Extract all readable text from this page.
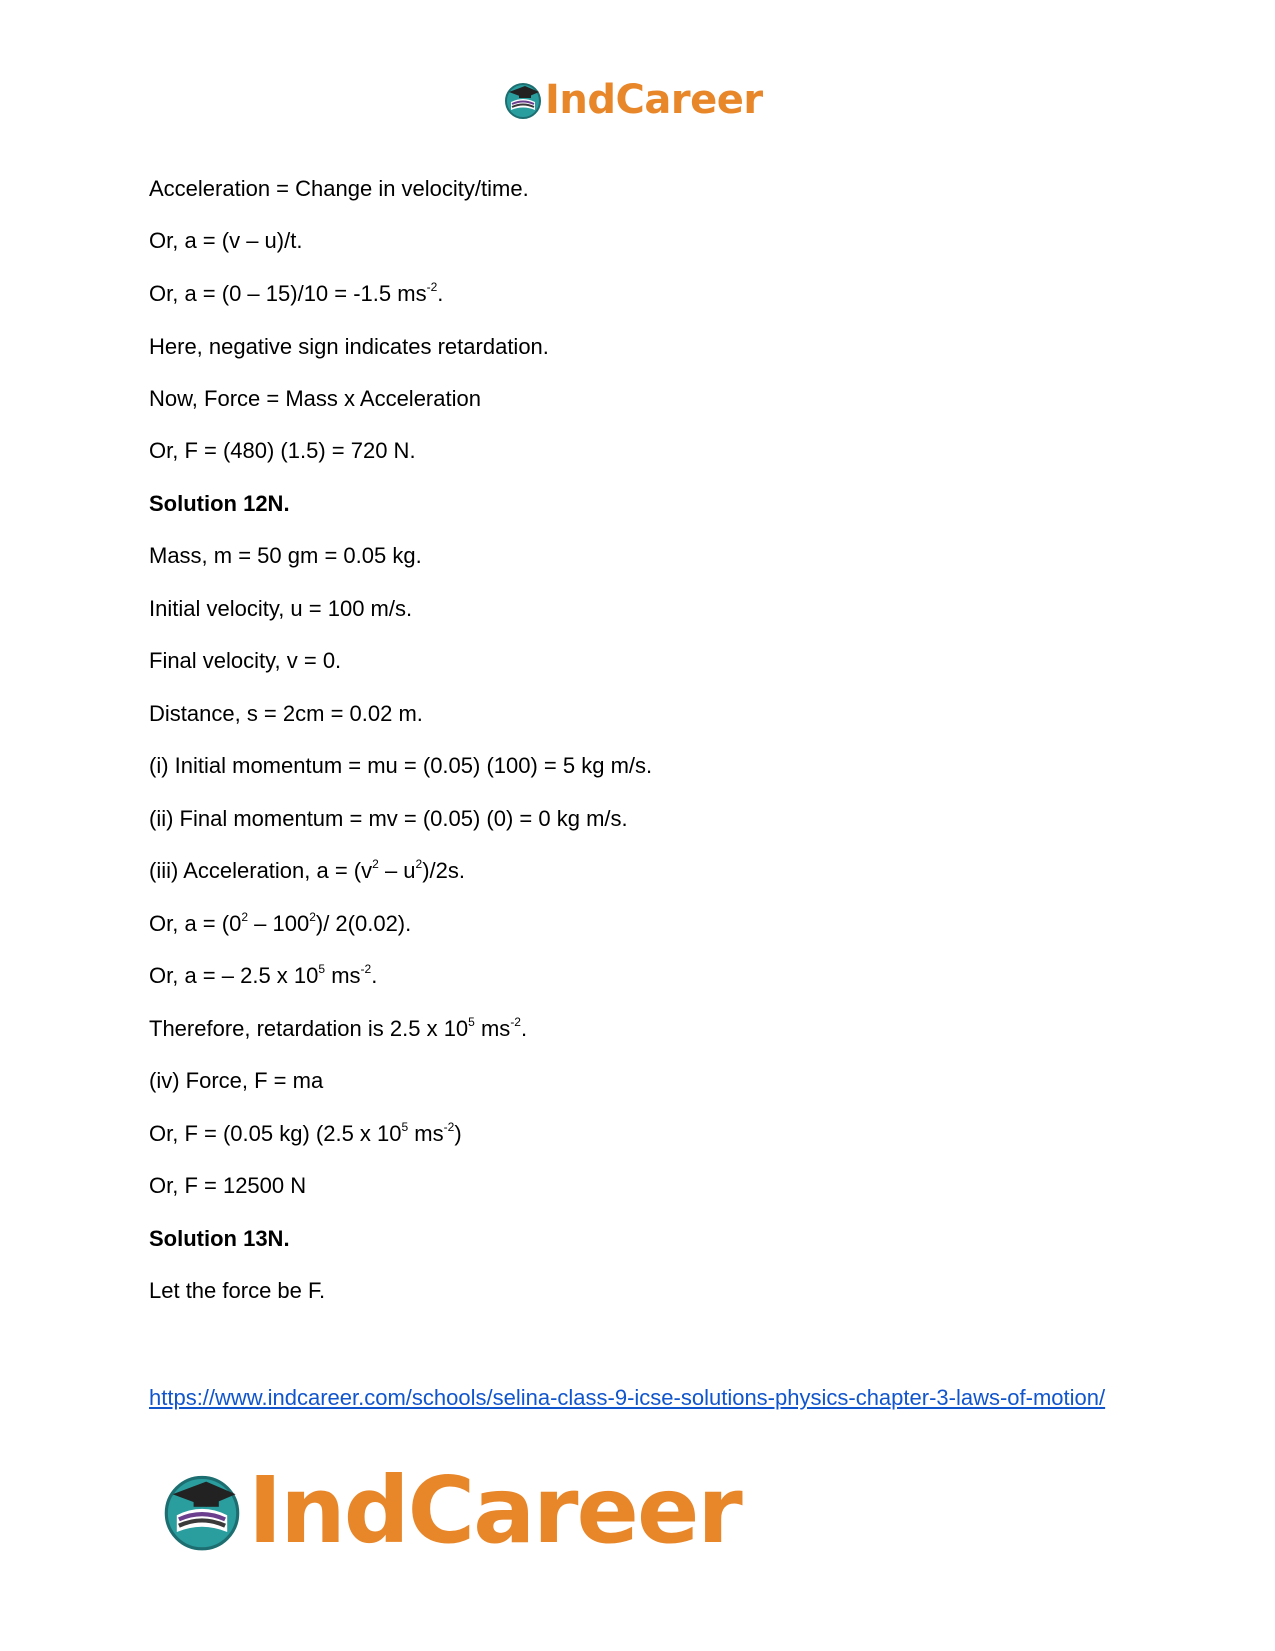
IndCareer
Acceleration = Change in velocity/time.
Or, a = (v – u)/t.
Or, a = (0 – 15)/10 = -1.5 $ms^{-2}$.
Here, negative sign indicates retardation.
Now, Force = Mass x Acceleration
Or, F = (480) (1.5) = 720 N.
Solution 12N.
Mass, m = 50 gm = 0.05 kg.
Initial velocity, u = 100 m/s.
Final velocity, v = 0.
Distance, s = 2cm = 0.02 m.
(i) Initial momentum = mu = (0.05) (100) = 5 kg m/s.
(ii) Final momentum = mv = (0.05) (0) = 0 kg m/s.
(iii) Acceleration, $a = (v^2 - u^2)/2s$.
Or, $a = (0^2 - 100^2)/$ 2(0.02).
Or, a = – 2.5 x $10^5$ $ms^{-2}$.
Therefore, retardation is 2.5 x $10^5$ $ms^{-2}$.
(iv) Force, F = ma
Or, F = (0.05 kg) (2.5 x $10^5$ $ms^{-2}$)
Or, F = 12500 N
Solution 13N.
Let the force be F.
https://www.indcareer.com/schools/selina-class-9-icse-solutions-physics-chapter-3-laws-of-motion/
IndCareer
